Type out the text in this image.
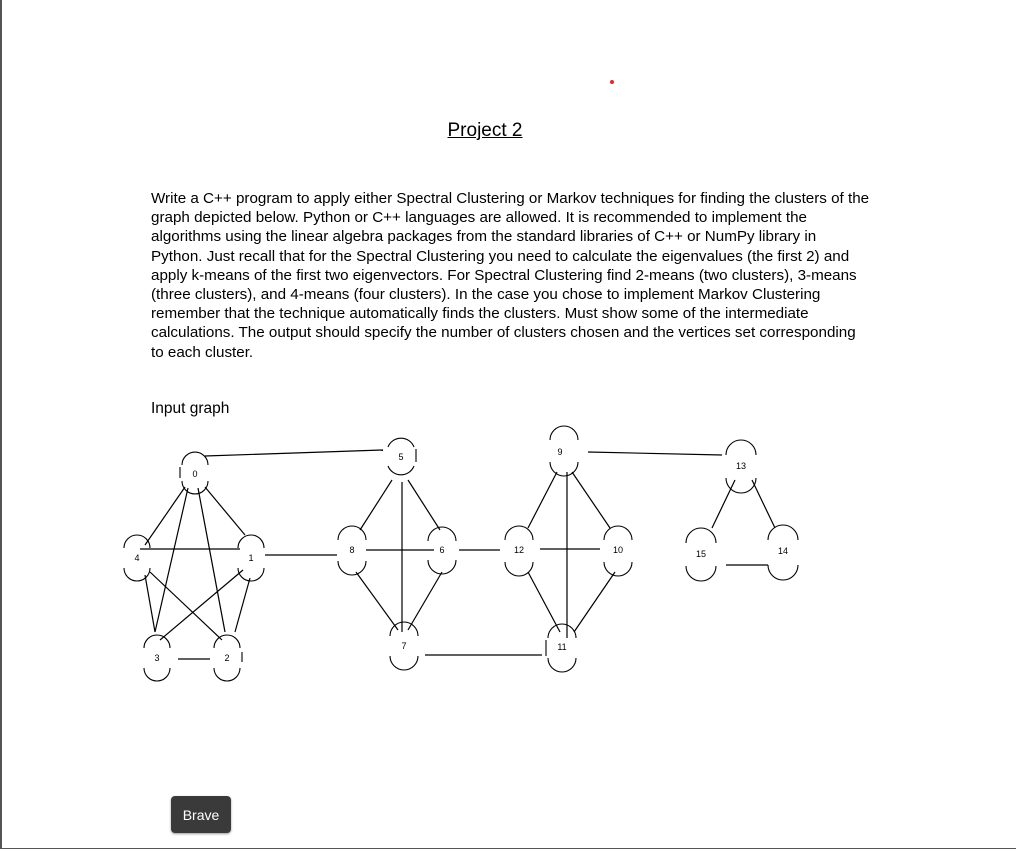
Project 2
Write a C++ program to apply either Spectral Clustering or Markov techniques for finding the clusters of the graph depicted below. Python or C++ languages are allowed. It is recommended to implement the algorithms using the linear algebra packages from the standard libraries of C++ or NumPy library in Python. Just recall that for the Spectral Clustering you need to calculate the eigenvalues (the first 2) and apply k-means of the first two eigenvectors. For Spectral Clustering find 2-means (two clusters), 3-means (three clusters), and 4-means (four clusters). In the case you chose to implement Markov Clustering remember that the technique automatically finds the clusters. Must show some of the intermediate calculations. The output should specify the number of clusters chosen and the vertices set corresponding to each cluster.
Input graph
0
1
2
3
4
5
6
7
8
9
10
11
12
13
14
15
Brave
